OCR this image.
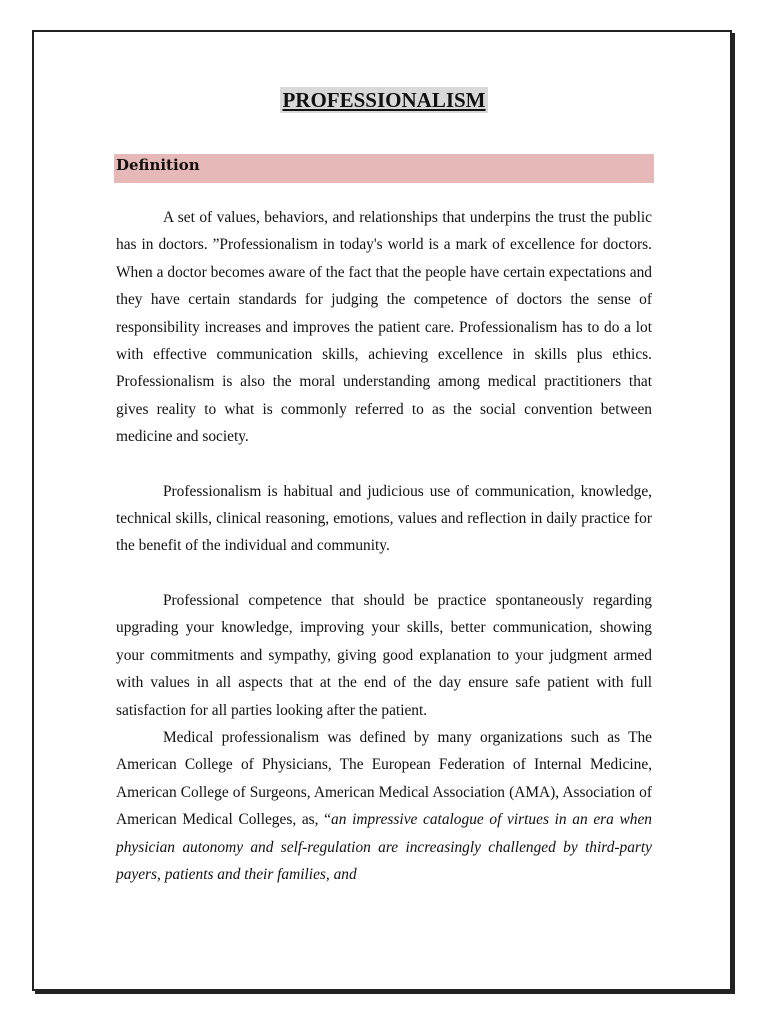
PROFESSIONALISM
Definition

A set of values, behaviors, and relationships that underpins the trust the public has in doctors. ”Professionalism in today's world is a mark of excellence for doctors. When a doctor becomes aware of the fact that the people have certain expectations and they have certain standards for judging the competence of doctors the sense of responsibility increases and improves the patient care. Professionalism has to do a lot with effective communication skills, achieving excellence in skills plus ethics. Professionalism is also the moral understanding among medical practitioners that gives reality to what is commonly referred to as the social convention between medicine and society.

Professionalism is habitual and judicious use of communication, knowledge, technical skills, clinical reasoning, emotions, values and reflection in daily practice for the benefit of the individual and community.

Professional competence that should be practice spontaneously regarding upgrading your knowledge, improving your skills, better communication, showing your commitments and sympathy, giving good explanation to your judgment armed with values in all aspects that at the end of the day ensure safe patient with full satisfaction for all parties looking after the patient.

Medical professionalism was defined by many organizations such as The American College of Physicians, The European Federation of Internal Medicine, American College of Surgeons, American Medical Association (AMA), Association of American Medical Colleges, as, “an impressive catalogue of virtues in an era when physician autonomy and self-regulation are increasingly challenged by third-party payers, patients and their families, and
